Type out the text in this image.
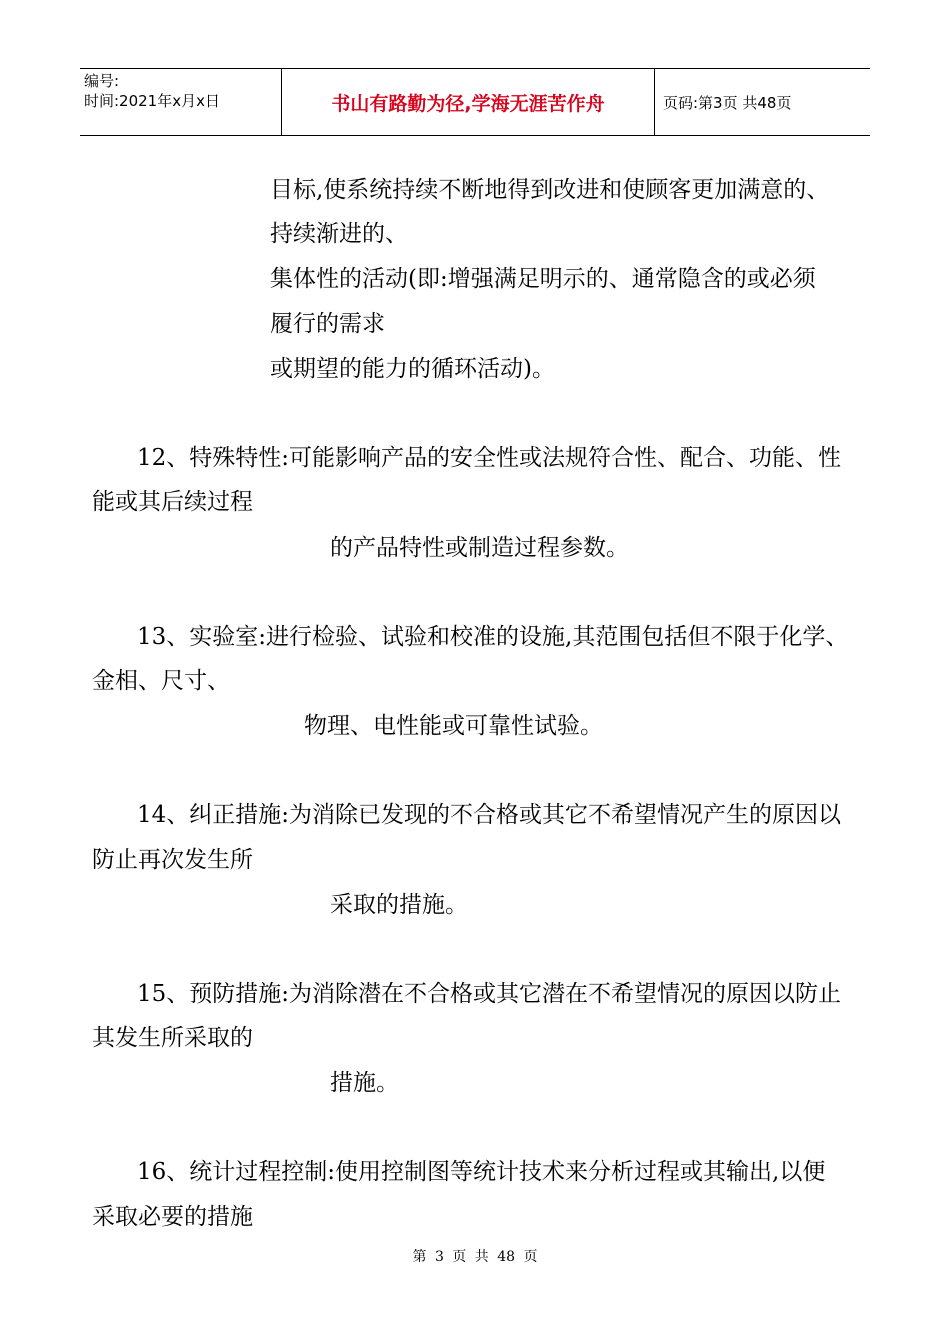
编号:
时间:2021年x月x日	书山有路勤为径,学海无涯苦作舟	页码:第3页 共48页
目标,使系统持续不断地得到改进和使顾客更加满意的、
持续渐进的、
集体性的活动(即:增强满足明示的、通常隐含的或必须
履行的需求
或期望的能力的循环活动)。
12、特殊特性:可能影响产品的安全性或法规符合性、配合、功能、性
能或其后续过程
的产品特性或制造过程参数。
13、实验室:进行检验、试验和校准的设施,其范围包括但不限于化学、
金相、尺寸、
物理、电性能或可靠性试验。
14、纠正措施:为消除已发现的不合格或其它不希望情况产生的原因以
防止再次发生所
采取的措施。
15、预防措施:为消除潜在不合格或其它潜在不希望情况的原因以防止
其发生所采取的
措施。
16、统计过程控制:使用控制图等统计技术来分析过程或其输出,以便
采取必要的措施
第 3 页 共 48 页
